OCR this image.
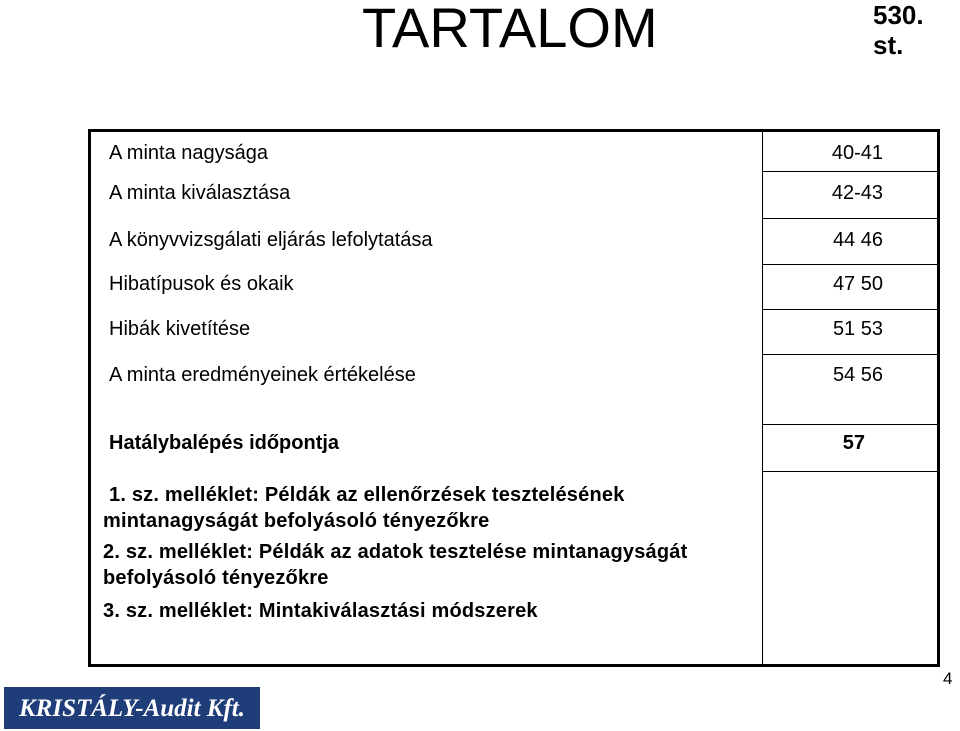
TARTALOM	530. st.
A minta nagysága	40-41
A minta kiválasztása	42-43
A könyvvizsgálati eljárás lefolytatása	44 46
Hibatípusok és okaik	47 50
Hibák kivetítése	51 53
A minta eredményeinek értékelése	54 56
Hatálybalépés időpontja	57
1. sz. melléklet: Példák az ellenőrzések tesztelésének
mintanagyságát befolyásoló tényezőkre
2. sz. melléklet: Példák az adatok tesztelése mintanagyságát
befolyásoló tényezőkre
3. sz. melléklet: Mintakiválasztási módszerek
KRISTÁLY-Audit Kft.
4
